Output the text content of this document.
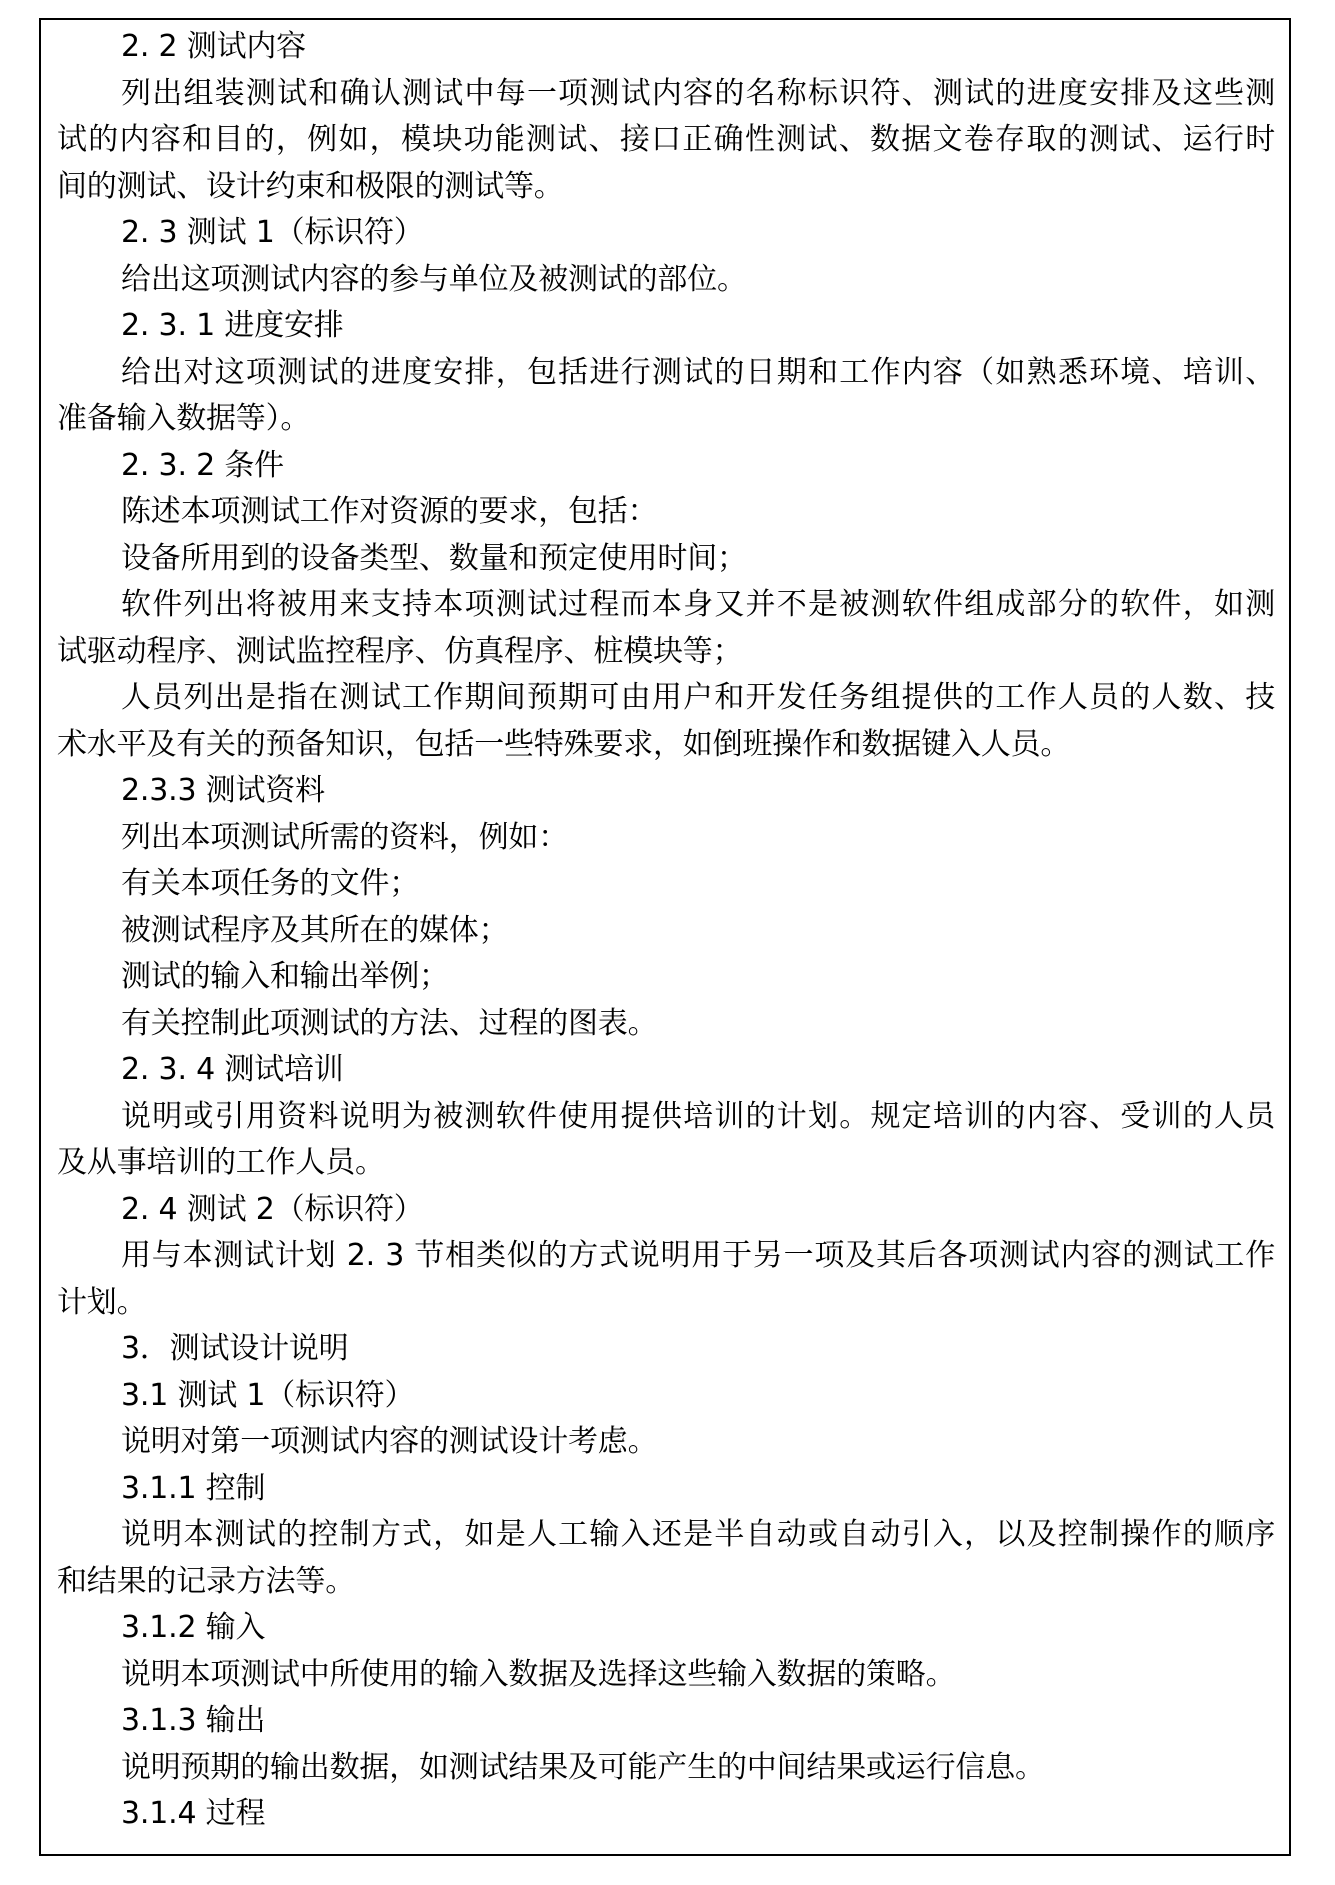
2. 2 测试内容
列出组装测试和确认测试中每一项测试内容的名称标识符、测试的进度安排及这些测
试的内容和目的，例如，模块功能测试、接口正确性测试、数据文卷存取的测试、运行时
间的测试、设计约束和极限的测试等。
2. 3 测试 1（标识符）
给出这项测试内容的参与单位及被测试的部位。
2. 3. 1 进度安排
给出对这项测试的进度安排，包括进行测试的日期和工作内容（如熟悉环境、培训、
准备输入数据等）。
2. 3. 2 条件
陈述本项测试工作对资源的要求，包括：
设备所用到的设备类型、数量和预定使用时间；
软件列出将被用来支持本项测试过程而本身又并不是被测软件组成部分的软件，如测
试驱动程序、测试监控程序、仿真程序、桩模块等；
人员列出是指在测试工作期间预期可由用户和开发任务组提供的工作人员的人数、技
术水平及有关的预备知识，包括一些特殊要求，如倒班操作和数据键入人员。
2.3.3 测试资料
列出本项测试所需的资料，例如：
有关本项任务的文件；
被测试程序及其所在的媒体；
测试的输入和输出举例；
有关控制此项测试的方法、过程的图表。
2. 3. 4 测试培训
说明或引用资料说明为被测软件使用提供培训的计划。规定培训的内容、受训的人员
及从事培训的工作人员。
2. 4 测试 2（标识符）
用与本测试计划 2. 3 节相类似的方式说明用于另一项及其后各项测试内容的测试工作
计划。
3．测试设计说明
3.1 测试 1（标识符）
说明对第一项测试内容的测试设计考虑。
3.1.1 控制
说明本测试的控制方式，如是人工输入还是半自动或自动引入，以及控制操作的顺序
和结果的记录方法等。
3.1.2 输入
说明本项测试中所使用的输入数据及选择这些输入数据的策略。
3.1.3 输出
说明预期的输出数据，如测试结果及可能产生的中间结果或运行信息。
3.1.4 过程
